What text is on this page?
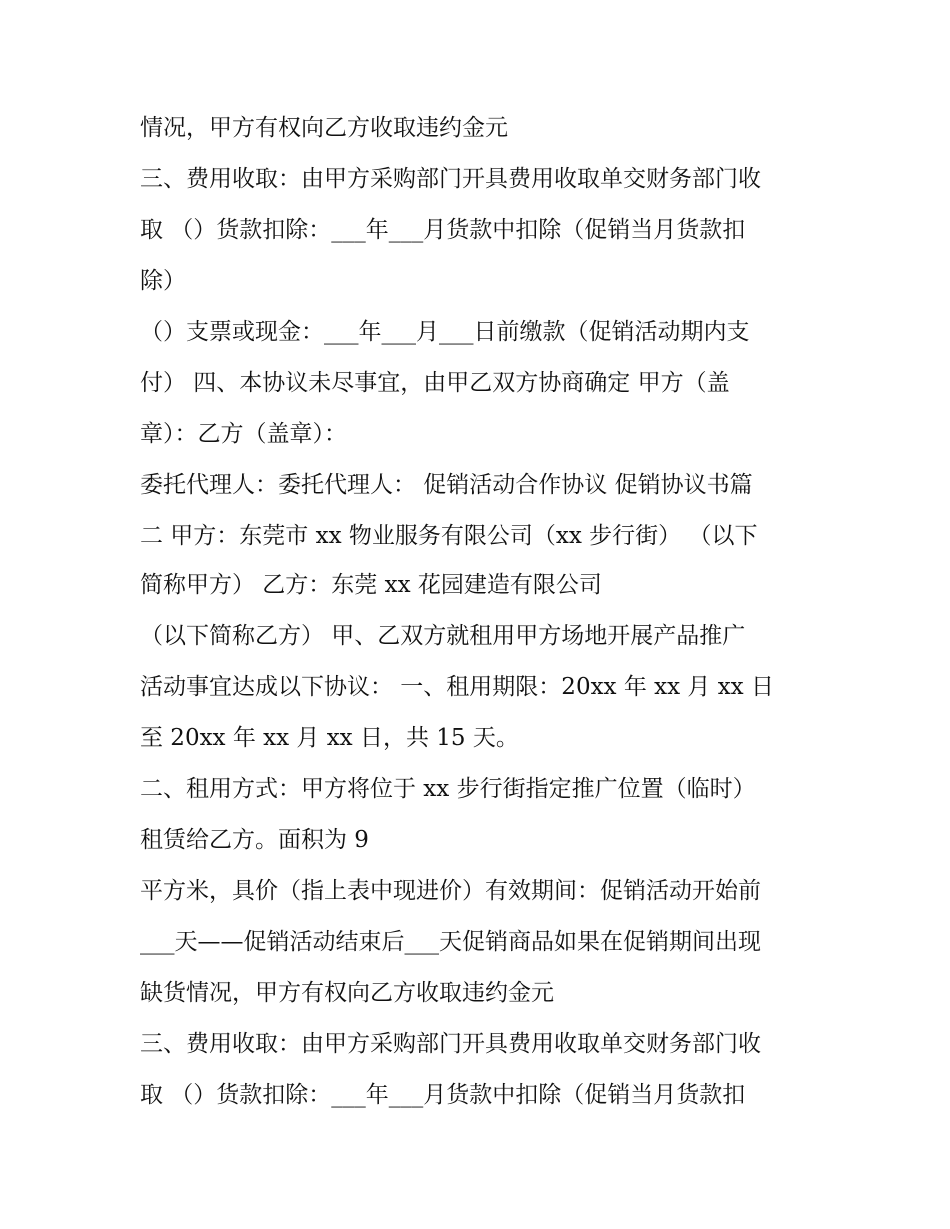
情况，甲方有权向乙方收取违约金元
三、费用收取：由甲方采购部门开具费用收取单交财务部门收
取 （）货款扣除：___年___月货款中扣除（促销当月货款扣
除）
（）支票或现金：___年___月___日前缴款（促销活动期内支
付） 四、本协议未尽事宜，由甲乙双方协商确定 甲方（盖
章）：乙方（盖章）：
委托代理人：委托代理人： 促销活动合作协议 促销协议书篇
二 甲方：东莞市 xx 物业服务有限公司（xx 步行街） （以下
简称甲方） 乙方：东莞 xx 花园建造有限公司
（以下简称乙方） 甲、乙双方就租用甲方场地开展产品推广
活动事宜达成以下协议： 一、租用期限：20xx 年 xx 月 xx 日
至 20xx 年 xx 月 xx 日，共 15 天。
二、租用方式：甲方将位于 xx 步行街指定推广位置（临时）
租赁给乙方。面积为 9
平方米，具价（指上表中现进价）有效期间：促销活动开始前
___天——促销活动结束后___天促销商品如果在促销期间出现
缺货情况，甲方有权向乙方收取违约金元
三、费用收取：由甲方采购部门开具费用收取单交财务部门收
取 （）货款扣除：___年___月货款中扣除（促销当月货款扣
